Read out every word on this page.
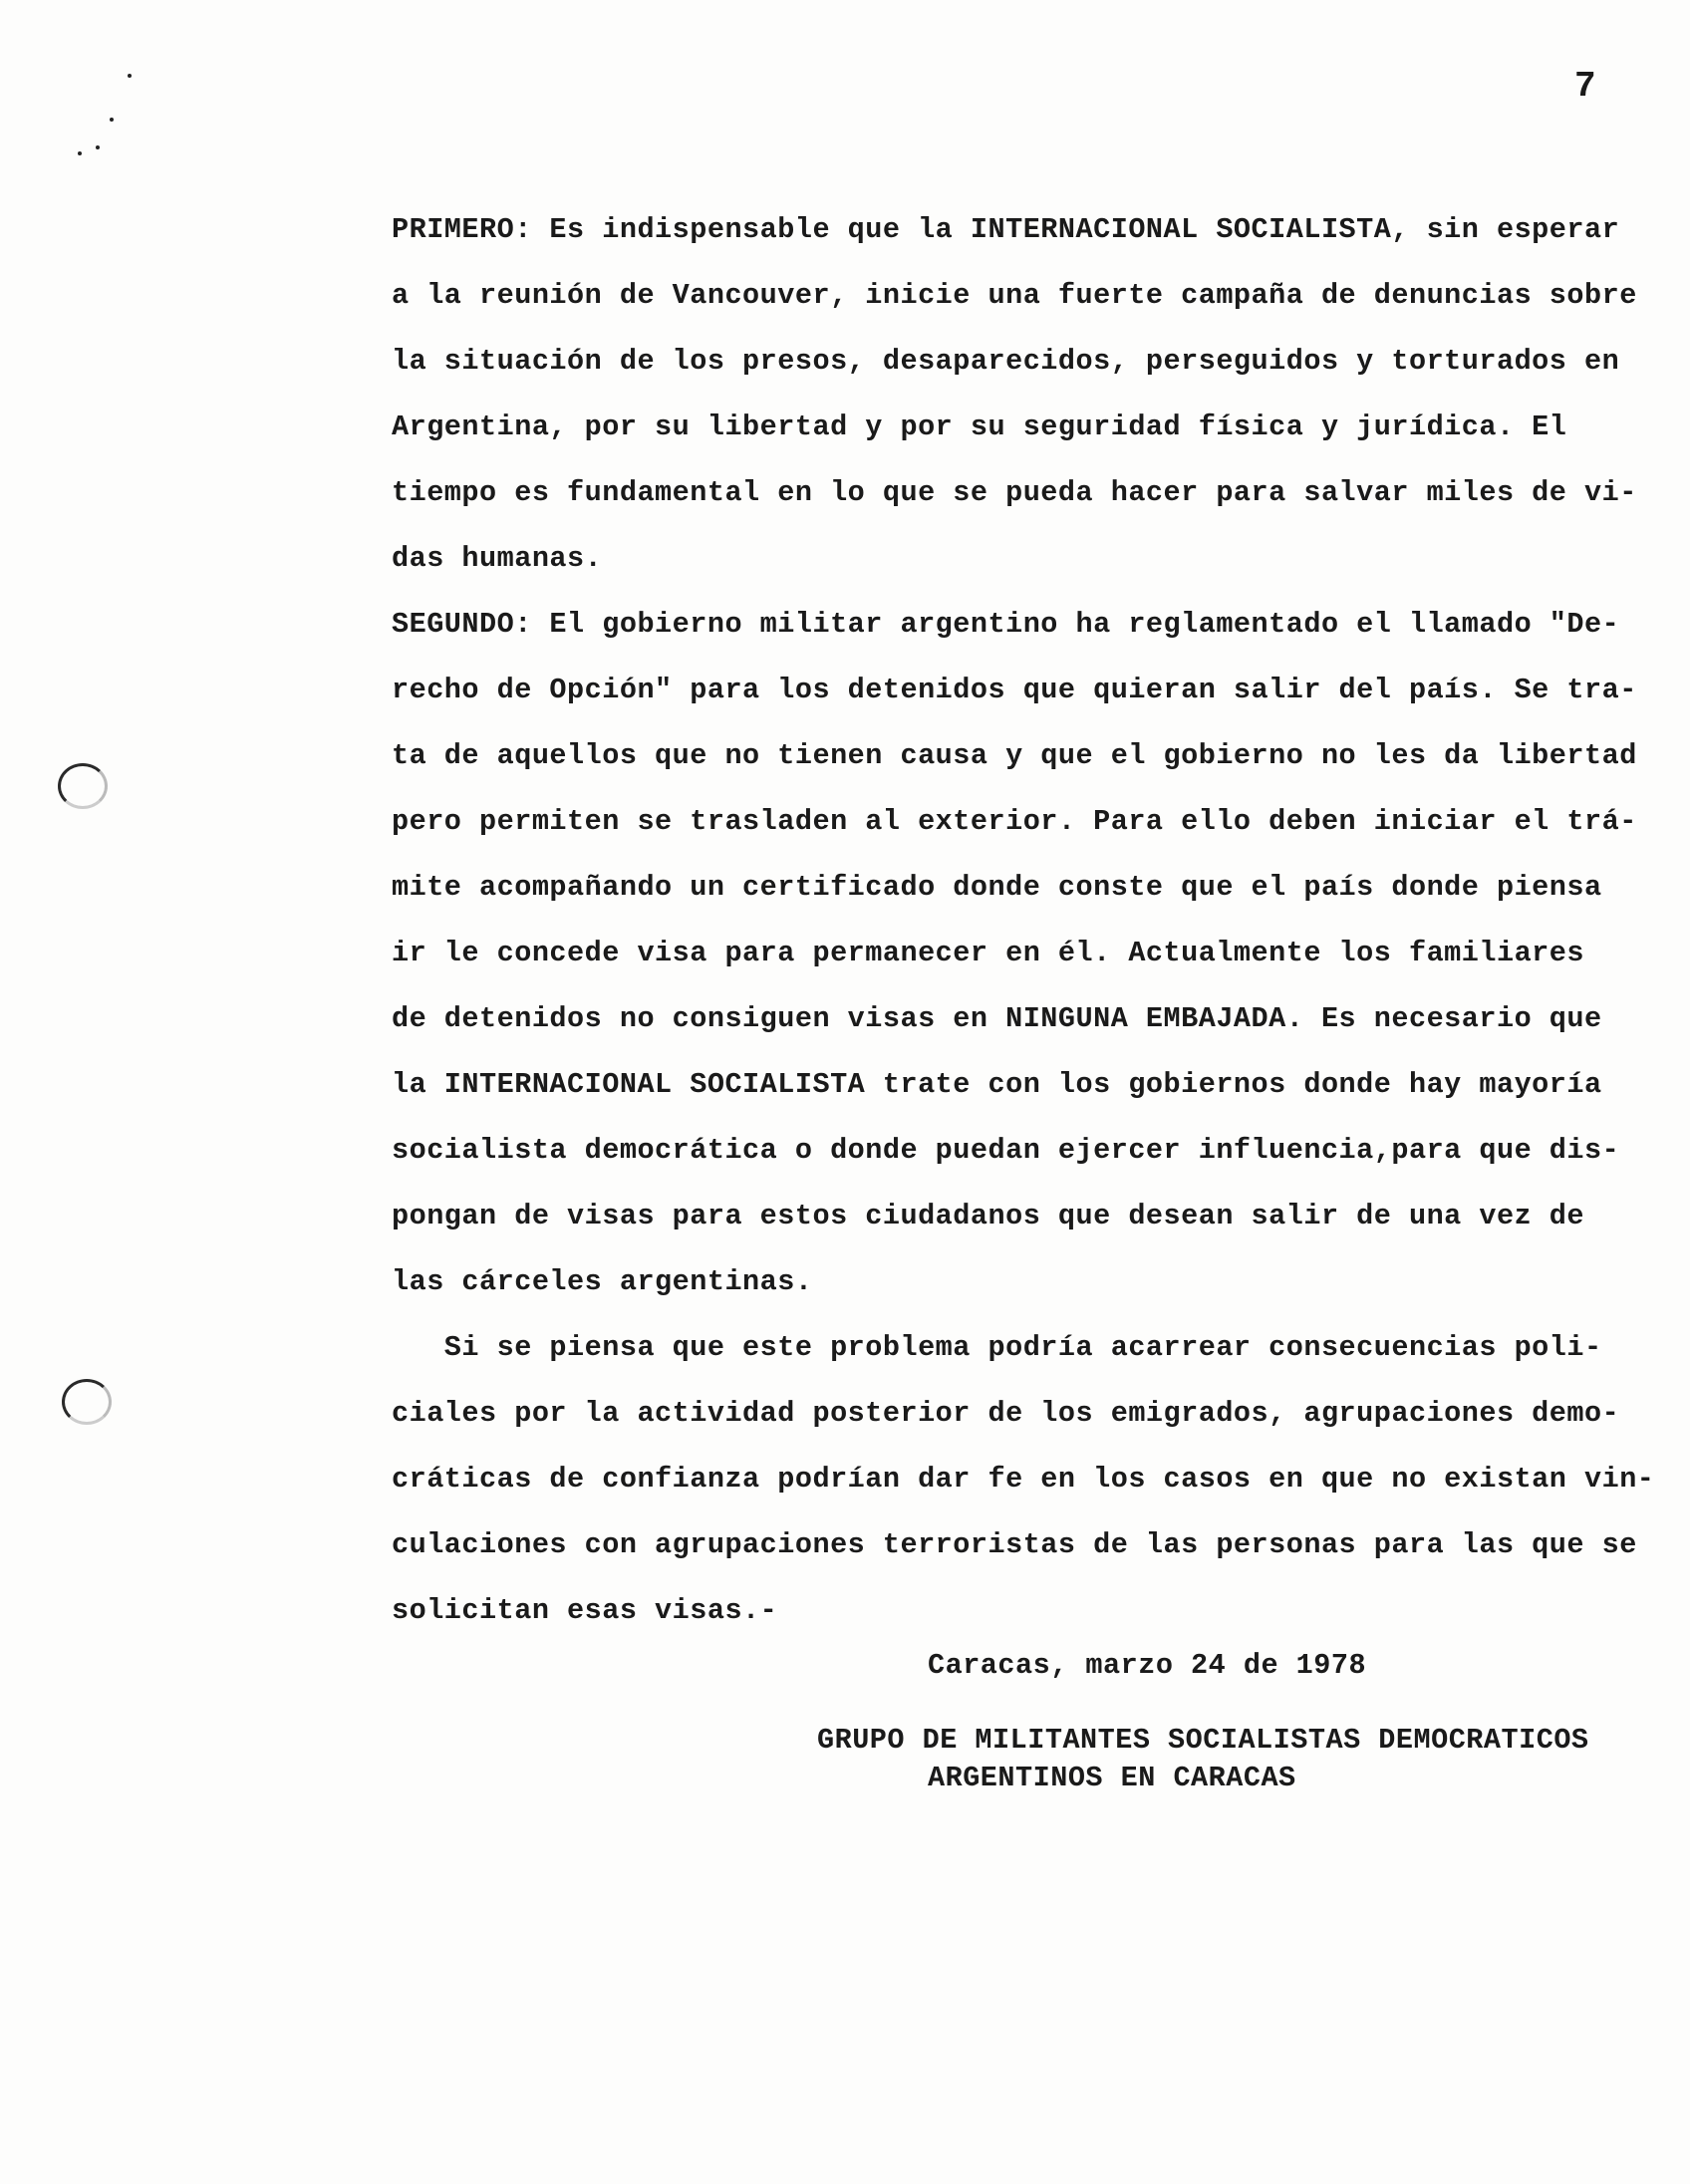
7
PRIMERO: Es indispensable que la INTERNACIONAL SOCIALISTA, sin esperar
a la reunión de Vancouver, inicie una fuerte campaña de denuncias sobre
la situación de los presos, desaparecidos, perseguidos y torturados en
Argentina, por su libertad y por su seguridad física y jurídica. El
tiempo es fundamental en lo que se pueda hacer para salvar miles de vi-
das humanas.
SEGUNDO: El gobierno militar argentino ha reglamentado el llamado "De-
recho de Opción" para los detenidos que quieran salir del país. Se tra-
ta de aquellos que no tienen causa y que el gobierno no les da libertad
pero permiten se trasladen al exterior. Para ello deben iniciar el trá-
mite acompañando un certificado donde conste que el país donde piensa
ir le concede visa para permanecer en él. Actualmente los familiares
de detenidos no consiguen visas en NINGUNA EMBAJADA. Es necesario que
la INTERNACIONAL SOCIALISTA trate con los gobiernos donde hay mayoría
socialista democrática o donde puedan ejercer influencia,para que dis-
pongan de visas para estos ciudadanos que desean salir de una vez de
las cárceles argentinas.
Si se piensa que este problema podría acarrear consecuencias poli-
ciales por la actividad posterior de los emigrados, agrupaciones demo-
cráticas de confianza podrían dar fe en los casos en que no existan vin-
culaciones con agrupaciones terroristas de las personas para las que se
solicitan esas visas.-
Caracas, marzo 24 de 1978
GRUPO DE MILITANTES SOCIALISTAS DEMOCRATICOS
ARGENTINOS EN CARACAS
